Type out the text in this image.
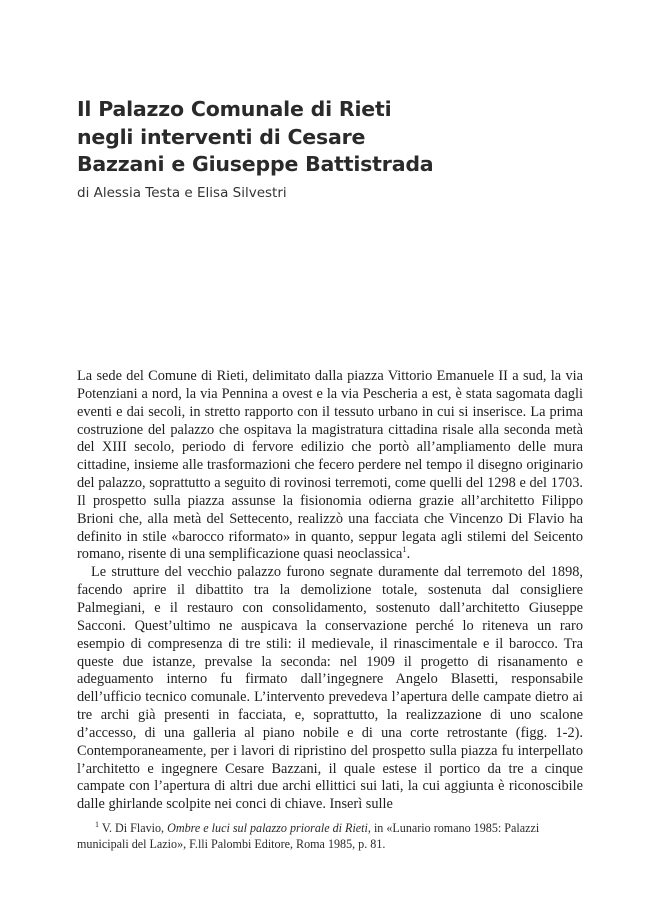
Il Palazzo Comunale di Rieti
negli interventi di Cesare
Bazzani e Giuseppe Battistrada

di Alessia Testa e Elisa Silvestri

La sede del Comune di Rieti, delimitato dalla piazza Vittorio Emanuele II a sud, la via Potenziani a nord, la via Pennina a ovest e la via Pescheria a est, è stata sagomata dagli eventi e dai secoli, in stretto rapporto con il tessuto urbano in cui si inserisce. La prima costruzione del palazzo che ospitava la magistratura cittadina risale alla seconda metà del XIII secolo, periodo di fervore edilizio che portò all’ampliamento delle mura cittadine, insieme alle trasformazioni che fecero perdere nel tempo il disegno originario del palazzo, soprattutto a seguito di rovinosi terremoti, come quelli del 1298 e del 1703. Il prospetto sulla piazza assunse la fisionomia odierna grazie all’architetto Filippo Brioni che, alla metà del Settecento, realizzò una facciata che Vincenzo Di Flavio ha definito in stile «barocco riformato» in quanto, seppur legata agli stilemi del Seicento romano, risente di una semplificazione quasi neoclassica$^1$.

Le strutture del vecchio palazzo furono segnate duramente dal terremoto del 1898, facendo aprire il dibattito tra la demolizione totale, sostenuta dal consigliere Palmegiani, e il restauro con consolidamento, sostenuto dall’architetto Giuseppe Sacconi. Quest’ultimo ne auspicava la conservazione perché lo riteneva un raro esempio di compresenza di tre stili: il medievale, il rinascimentale e il barocco. Tra queste due istanze, prevalse la seconda: nel 1909 il progetto di risanamento e adeguamento interno fu firmato dall’ingegnere Angelo Blasetti, responsabile dell’ufficio tecnico comunale. L’intervento prevedeva l’apertura delle campate dietro ai tre archi già presenti in facciata, e, soprattutto, la realizzazione di uno scalone d’accesso, di una galleria al piano nobile e di una corte retrostante (figg. 1-2). Contemporaneamente, per i lavori di ripristino del prospetto sulla piazza fu interpellato l’architetto e ingegnere Cesare Bazzani, il quale estese il portico da tre a cinque campate con l’apertura di altri due archi ellittici sui lati, la cui aggiunta è riconoscibile dalle ghirlande scolpite nei conci di chiave. Inserì sulle

$^1$ V. Di Flavio, Ombre e luci sul palazzo priorale di Rieti, in «Lunario romano 1985: Palazzi municipali del Lazio», F.lli Palombi Editore, Roma 1985, p. 81.
